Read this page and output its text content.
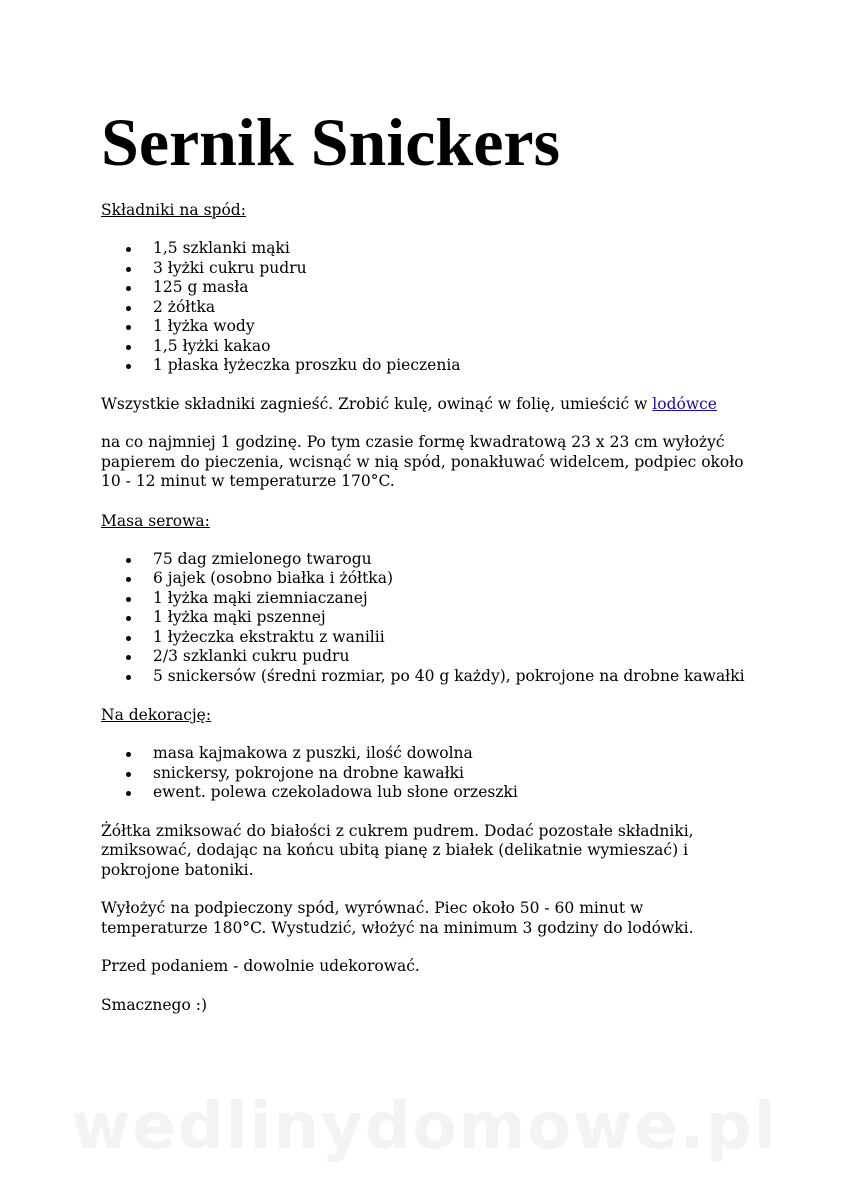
Sernik Snickers
Składniki na spód:
1,5 szklanki mąki
3 łyżki cukru pudru
125 g masła
2 żółtka
1 łyżka wody
1,5 łyżki kakao
1 płaska łyżeczka proszku do pieczenia

Wszystkie składniki zagnieść. Zrobić kulę, owinąć w folię, umieścić w lodówce

na co najmniej 1 godzinę. Po tym czasie formę kwadratową 23 x 23 cm wyłożyć papierem do pieczenia, wcisnąć w nią spód, ponakłuwać widelcem, podpiec około 10 - 12 minut w temperaturze 170°C.

Masa serowa:
75 dag zmielonego twarogu
6 jajek (osobno białka i żółtka)
1 łyżka mąki ziemniaczanej
1 łyżka mąki pszennej
1 łyżeczka ekstraktu z wanilii
2/3 szklanki cukru pudru
5 snickersów (średni rozmiar, po 40 g każdy), pokrojone na drobne kawałki
Na dekorację:
masa kajmakowa z puszki, ilość dowolna
snickersy, pokrojone na drobne kawałki
ewent. polewa czekoladowa lub słone orzeszki

Żółtka zmiksować do białości z cukrem pudrem. Dodać pozostałe składniki, zmiksować, dodając na końcu ubitą pianę z białek (delikatnie wymieszać) i pokrojone batoniki.

Wyłożyć na podpieczony spód, wyrównać. Piec około 50 - 60 minut w temperaturze 180°C. Wystudzić, włożyć na minimum 3 godziny do lodówki.

Przed podaniem - dowolnie udekorować.

Smacznego :)

wedlinydomowe.pl
